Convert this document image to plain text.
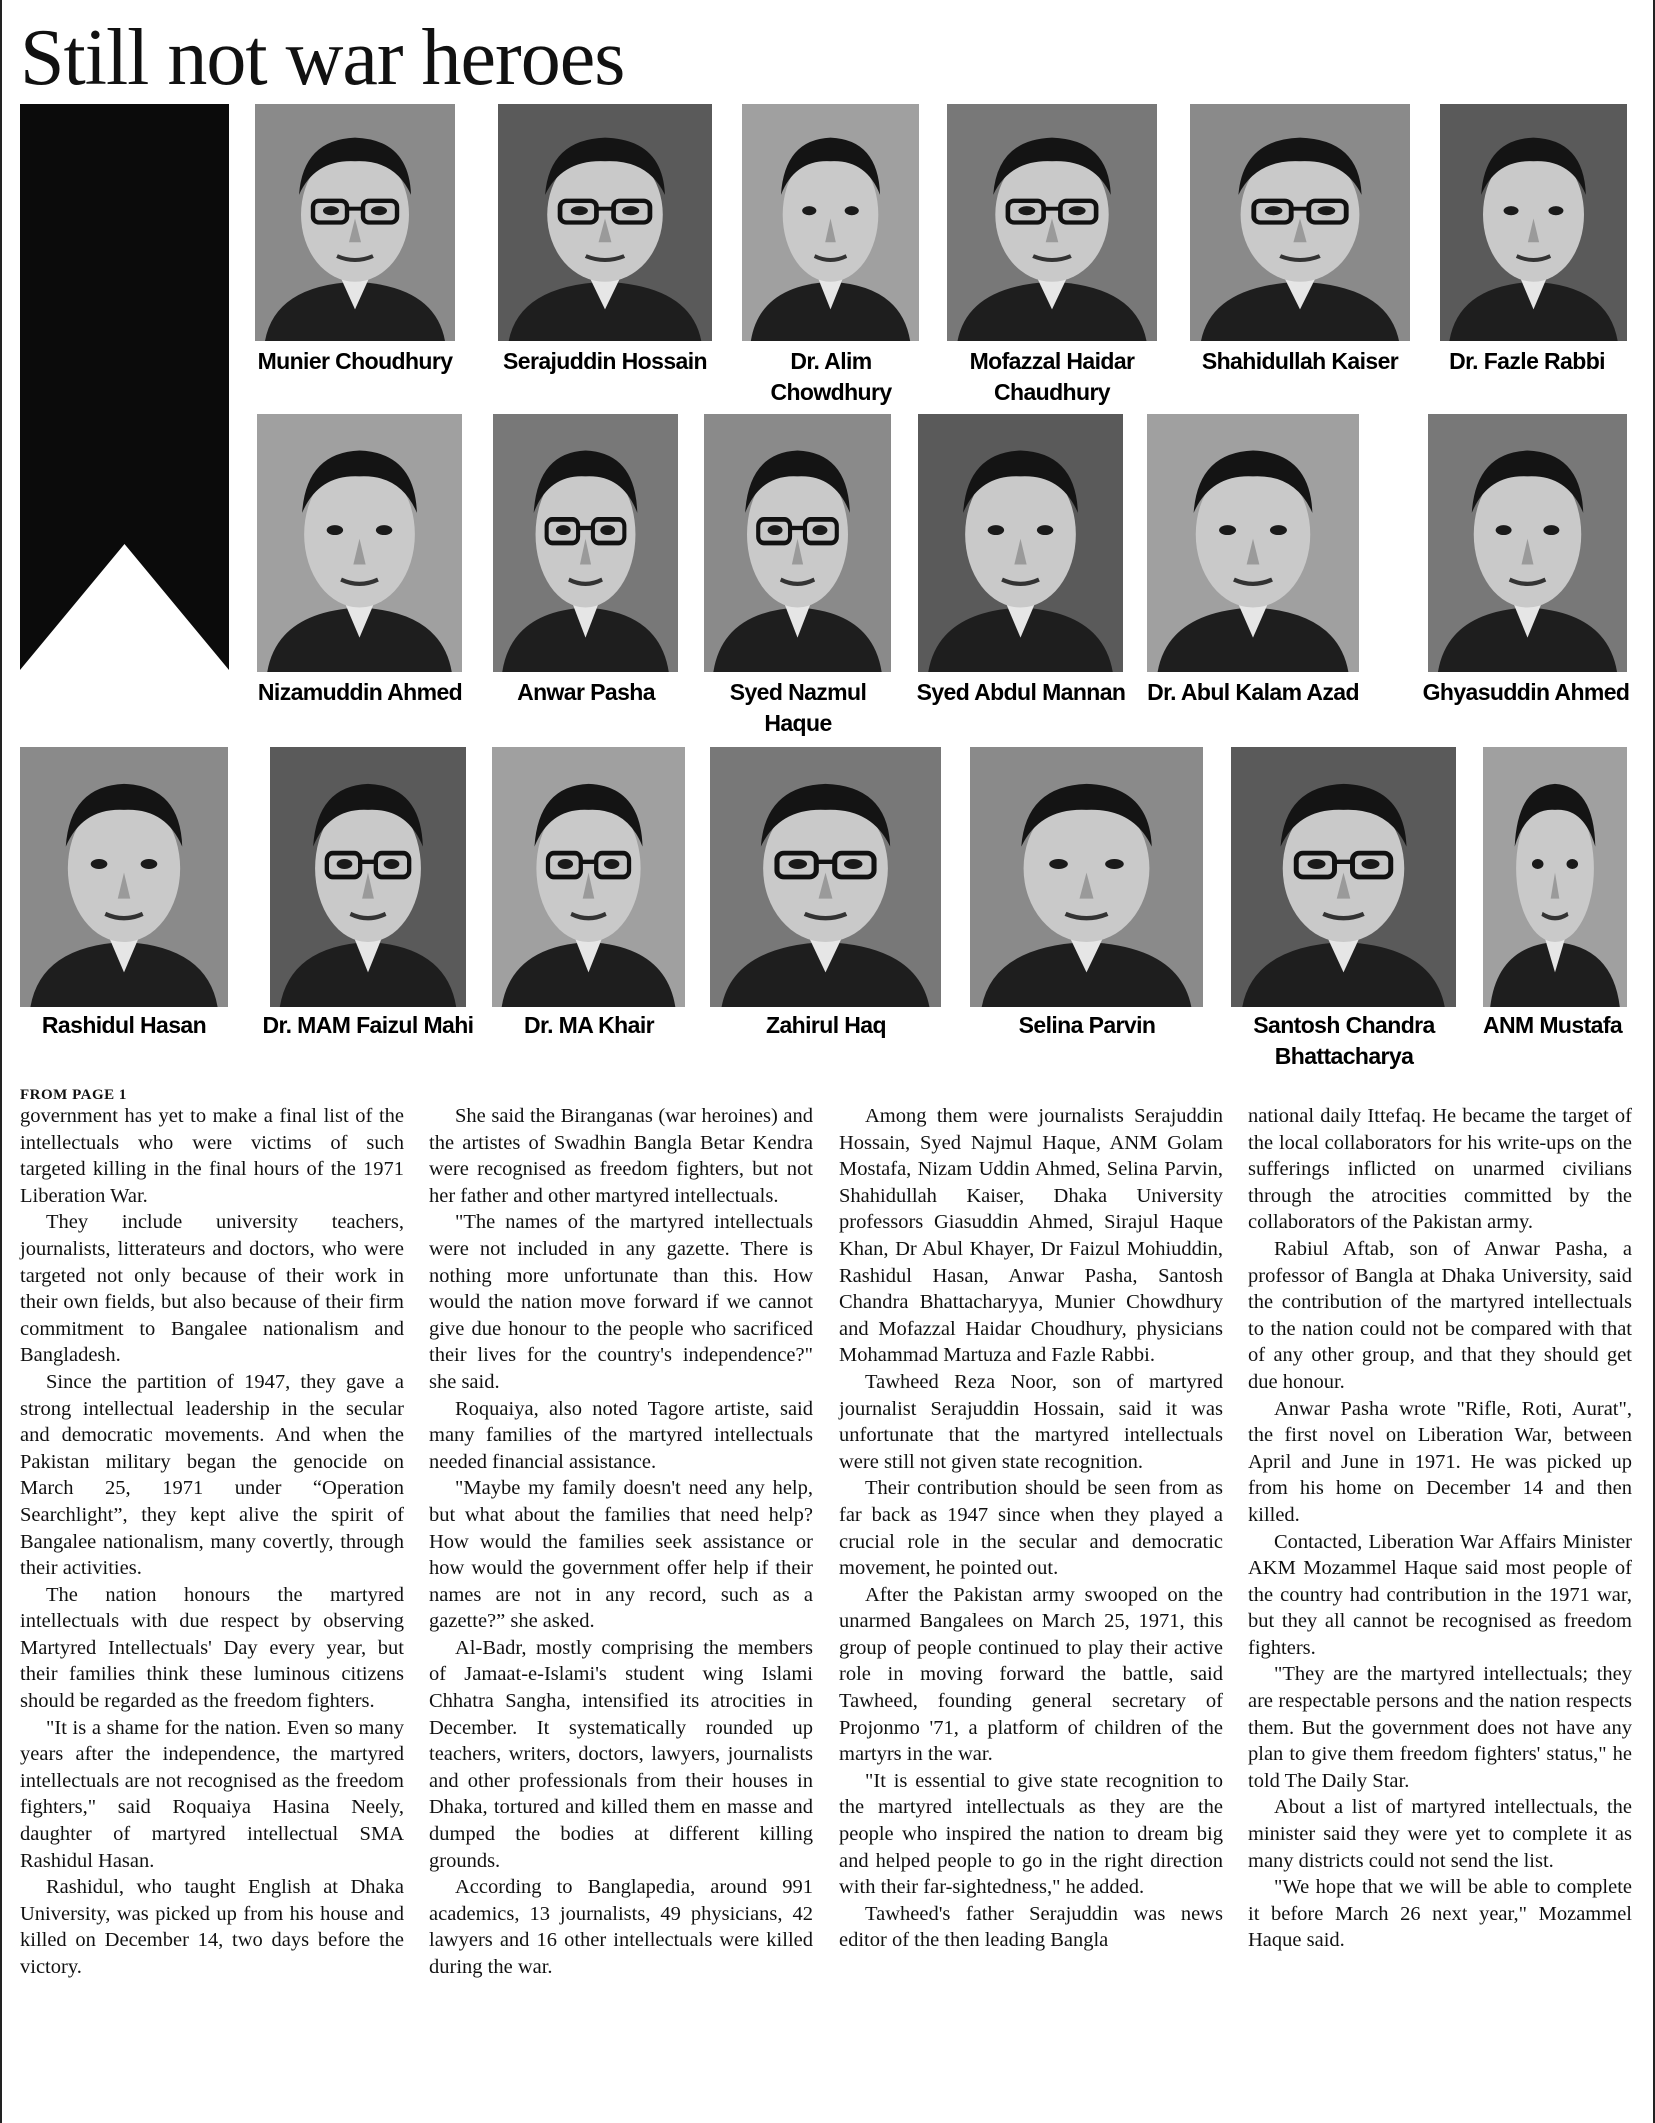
Still not war heroes
Munier Choudhury	Serajuddin Hossain	Dr. Alim
Chowdhury
Mofazzal Haidar
Chaudhury
Shahidullah Kaiser	Dr. Fazle Rabbi
Nizamuddin Ahmed	Anwar Pasha	Syed Nazmul
Haque
Syed Abdul Mannan Dr. Abul Kalam Azad	Ghyasuddin Ahmed
Rashidul Hasan	Dr. MAM Faizul Mahi	Dr. MA Khair	Zahirul Haq	Selina Parvin	Santosh Chandra
Bhattacharya
ANM Mustafa
FROM PAGE 1

government has yet to make a final list of the intellectuals who were victims of such targeted killing in the final hours of the 1971 Liberation War.

They include university teachers, journalists, litterateurs and doctors, who were targeted not only because of their work in their own fields, but also because of their firm commitment to Bangalee nationalism and Bangladesh.

Since the partition of 1947, they gave a strong intellectual leadership in the secular and democratic movements. And when the Pakistan military began the genocide on March 25, 1971 under “Operation Searchlight”, they kept alive the spirit of Bangalee nationalism, many covertly, through their activities.

The nation honours the martyred intellectuals with due respect by observing Martyred Intellectuals' Day every year, but their families think these luminous citizens should be regarded as the freedom fighters.

"It is a shame for the nation. Even so many years after the independence, the martyred intellectuals are not recognised as the freedom fighters," said Roquaiya Hasina Neely, daughter of martyred intellectual SMA Rashidul Hasan.

Rashidul, who taught English at Dhaka University, was picked up from his house and killed on December 14, two days before the victory.

She said the Biranganas (war heroines) and the artistes of Swadhin Bangla Betar Kendra were recognised as freedom fighters, but not her father and other martyred intellectuals.

"The names of the martyred intellectuals were not included in any gazette. There is nothing more unfortunate than this. How would the nation move forward if we cannot give due honour to the people who sacrificed their lives for the country's independence?" she said.

Roquaiya, also noted Tagore artiste, said many families of the martyred intellectuals needed financial assistance.

"Maybe my family doesn't need any help, but what about the families that need help? How would the families seek assistance or how would the government offer help if their names are not in any record, such as a gazette?” she asked.

Al-Badr, mostly comprising the members of Jamaat-e-Islami's student wing Islami Chhatra Sangha, intensified its atrocities in December. It systematically rounded up teachers, writers, doctors, lawyers, journalists and other professionals from their houses in Dhaka, tortured and killed them en masse and dumped the bodies at different killing grounds.

According to Banglapedia, around 991 academics, 13 journalists, 49 physicians, 42 lawyers and 16 other intellectuals were killed during the war.

Among them were journalists Serajuddin Hossain, Syed Najmul Haque, ANM Golam Mostafa, Nizam Uddin Ahmed, Selina Parvin, Shahidullah Kaiser, Dhaka University professors Giasuddin Ahmed, Sirajul Haque Khan, Dr Abul Khayer, Dr Faizul Mohiuddin, Rashidul Hasan, Anwar Pasha, Santosh Chandra Bhattacharyya, Munier Chowdhury and Mofazzal Haidar Choudhury, physicians Mohammad Martuza and Fazle Rabbi.

Tawheed Reza Noor, son of martyred journalist Serajuddin Hossain, said it was unfortunate that the martyred intellectuals were still not given state recognition.

Their contribution should be seen from as far back as 1947 since when they played a crucial role in the secular and democratic movement, he pointed out.

After the Pakistan army swooped on the unarmed Bangalees on March 25, 1971, this group of people continued to play their active role in moving forward the battle, said Tawheed, founding general secretary of Projonmo '71, a platform of children of the martyrs in the war.

"It is essential to give state recognition to the martyred intellectuals as they are the people who inspired the nation to dream big and helped people to go in the right direction with their far-sightedness," he added.

Tawheed's father Serajuddin was news editor of the then leading Bangla

national daily Ittefaq. He became the target of the local collaborators for his write-ups on the sufferings inflicted on unarmed civilians through the atrocities committed by the collaborators of the Pakistan army.

Rabiul Aftab, son of Anwar Pasha, a professor of Bangla at Dhaka University, said the contribution of the martyred intellectuals to the nation could not be compared with that of any other group, and that they should get due honour.

Anwar Pasha wrote "Rifle, Roti, Aurat", the first novel on Liberation War, between April and June in 1971. He was picked up from his home on December 14 and then killed.

Contacted, Liberation War Affairs Minister AKM Mozammel Haque said most people of the country had contribution in the 1971 war, but they all cannot be recognised as freedom fighters.

"They are the martyred intellectuals; they are respectable persons and the nation respects them. But the government does not have any plan to give them freedom fighters' status," he told The Daily Star.

About a list of martyred intellectuals, the minister said they were yet to complete it as many districts could not send the list.

"We hope that we will be able to complete it before March 26 next year," Mozammel Haque said.
